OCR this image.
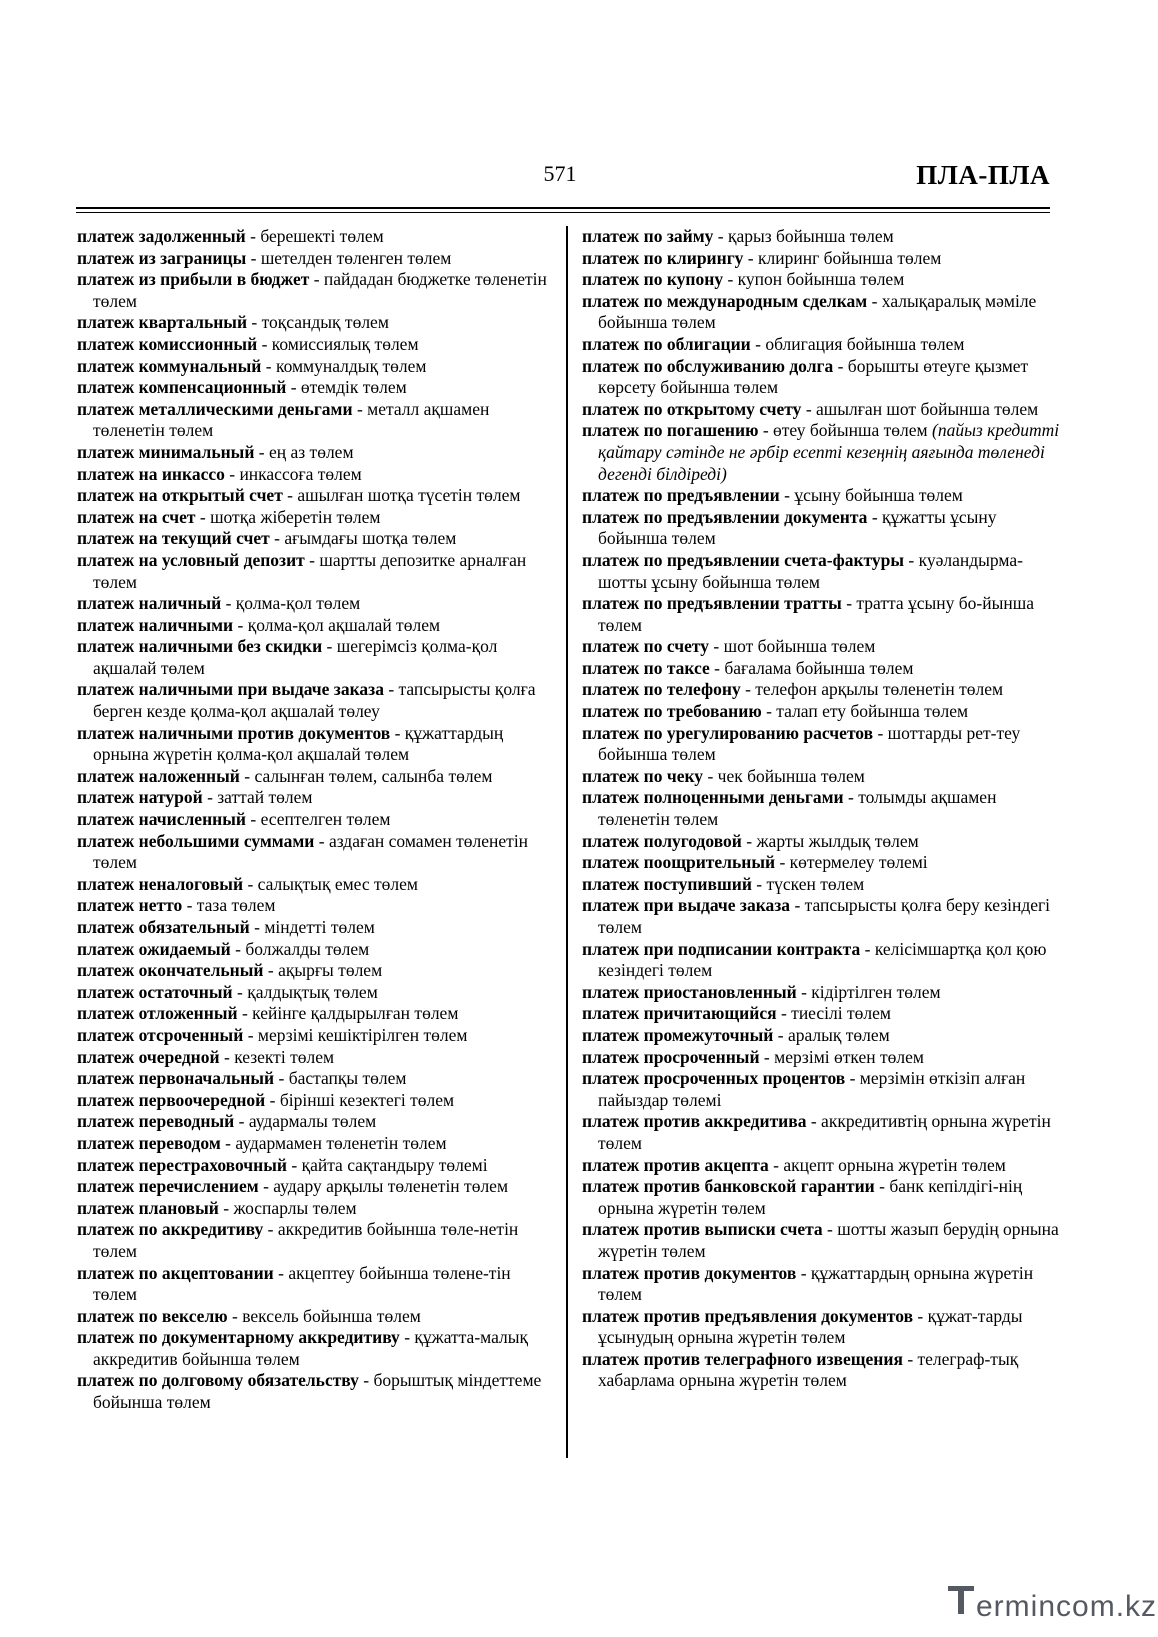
571	ПЛА-ПЛА

платеж задолженный - берешекті төлем

платеж из заграницы - шетелден төленген төлем

платеж из прибыли в бюджет - пайдадан бюджетке төленетін төлем

платеж квартальный - тоқсандық төлем

платеж комиссионный - комиссиялық төлем

платеж коммунальный - коммуналдық төлем

платеж компенсационный - өтемдік төлем

платеж металлическими деньгами - металл ақшамен төленетін төлем

платеж минимальный - ең аз төлем

платеж на инкассо - инкассоға төлем

платеж на открытый счет - ашылған шотқа түсетін төлем

платеж на счет - шотқа жіберетін төлем

платеж на текущий счет - ағымдағы шотқа төлем

платеж на условный депозит - шартты депозитке арналған төлем

платеж наличный - қолма-қол төлем

платеж наличными - қолма-қол ақшалай төлем

платеж наличными без скидки - шегерімсіз қолма-қол ақшалай төлем

платеж наличными при выдаче заказа - тапсырысты қолға берген кезде қолма-қол ақшалай төлеу

платеж наличными против документов - құжаттардың орнына жүретін қолма-қол ақшалай төлем

платеж наложенный - салынған төлем, салынба төлем

платеж натурой - заттай төлем

платеж начисленный - есептелген төлем

платеж небольшими суммами - аздаған сомамен төленетін төлем

платеж неналоговый - салықтық емес төлем

платеж нетто - таза төлем

платеж обязательный - міндетті төлем

платеж ожидаемый - болжалды төлем

платеж окончательный - ақырғы төлем

платеж остаточный - қалдықтық төлем

платеж отложенный - кейінге қалдырылған төлем

платеж отсроченный - мерзімі кешіктірілген төлем

платеж очередной - кезекті төлем

платеж первоначальный - бастапқы төлем

платеж первоочередной - бірінші кезектегі төлем

платеж переводный - аудармалы төлем

платеж переводом - аудармамен төленетін төлем

платеж перестраховочный - қайта сақтандыру төлемі

платеж перечислением - аудару арқылы төленетін төлем

платеж плановый - жоспарлы төлем

платеж по аккредитиву - аккредитив бойынша төле-нетін төлем

платеж по акцептовании - акцептеу бойынша төлене-тін төлем

платеж по векселю - вексель бойынша төлем

платеж по документарному аккредитиву - құжатта-малық аккредитив бойынша төлем

платеж по долговому обязательству - борыштық міндеттеме бойынша төлем

платеж по займу - қарыз бойынша төлем

платеж по клирингу - клиринг бойынша төлем

платеж по купону - купон бойынша төлем

платеж по международным сделкам - халықаралық мәміле бойынша төлем

платеж по облигации - облигация бойынша төлем

платеж по обслуживанию долга - борышты өтеуге қызмет көрсету бойынша төлем

платеж по открытому счету - ашылған шот бойынша төлем

платеж по погашению - өтеу бойынша төлем (пайыз кредитті қайтару сәтінде не әрбір есепті кезеңнің аяғында төленеді дегенді білдіреді)

платеж по предъявлении - ұсыну бойынша төлем

платеж по предъявлении документа - құжатты ұсыну бойынша төлем

платеж по предъявлении счета-фактуры - куәландырма-шотты ұсыну бойынша төлем

платеж по предъявлении тратты - тратта ұсыну бо-йынша төлем

платеж по счету - шот бойынша төлем

платеж по таксе - бағалама бойынша төлем

платеж по телефону - телефон арқылы төленетін төлем

платеж по требованию - талап ету бойынша төлем

платеж по урегулированию расчетов - шоттарды рет-теу бойынша төлем

платеж по чеку - чек бойынша төлем

платеж полноценными деньгами - толымды ақшамен төленетін төлем

платеж полугодовой - жарты жылдық төлем

платеж поощрительный - көтермелеу төлемі

платеж поступивший - түскен төлем

платеж при выдаче заказа - тапсырысты қолға беру кезіндегі төлем

платеж при подписании контракта - келісімшартқа қол қою кезіндегі төлем

платеж приостановленный - кідіртілген төлем

платеж причитающийся - тиесілі төлем

платеж промежуточный - аралық төлем

платеж просроченный - мерзімі өткен төлем

платеж просроченных процентов - мерзімін өткізіп алған пайыздар төлемі

платеж против аккредитива - аккредитивтің орнына жүретін төлем

платеж против акцепта - акцепт орнына жүретін төлем

платеж против банковской гарантии - банк кепілдігі-нің орнына жүретін төлем

платеж против выписки счета - шотты жазып берудің орнына жүретін төлем

платеж против документов - құжаттардың орнына жүретін төлем

платеж против предъявления документов - құжат-тарды ұсынудың орнына жүретін төлем

платеж против телеграфного извещения - телеграф-тық хабарлама орнына жүретін төлем

ermincom.kz
